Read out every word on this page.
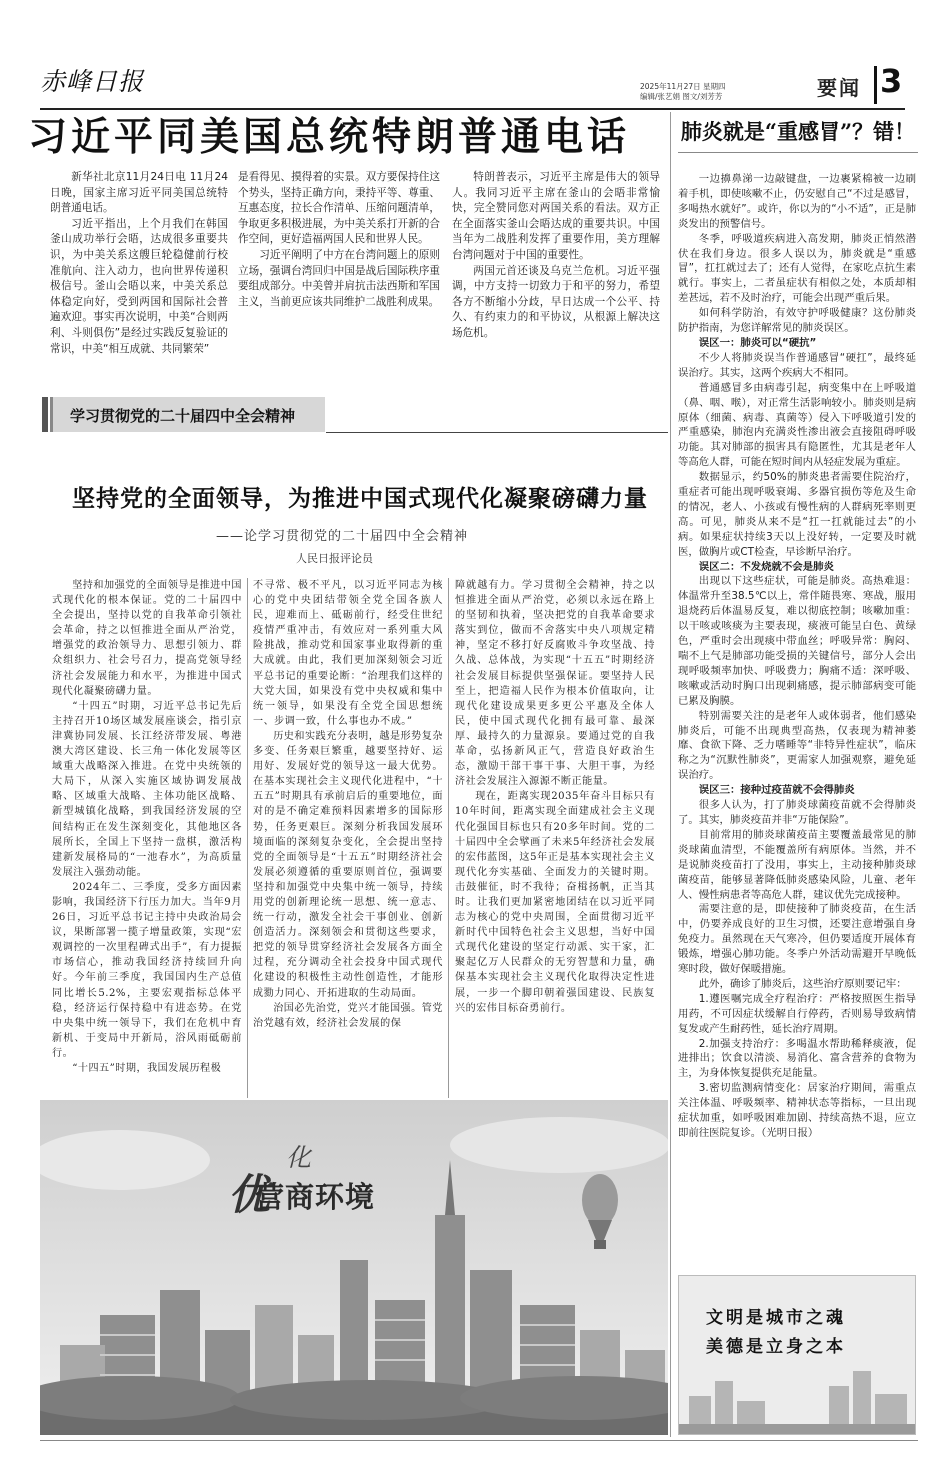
赤峰日报	2025年11月27日 星期四
编辑/张艺娟 图文/刘芳芳	要闻 3
习近平同美国总统特朗普通电话

新华社北京11月24日电 11月24日晚，国家主席习近平同美国总统特朗普通电话。

习近平指出，上个月我们在韩国釜山成功举行会晤，达成很多重要共识，为中美关系这艘巨轮稳健前行校准航向、注入动力，也向世界传递积极信号。釜山会晤以来，中美关系总体稳定向好，受到两国和国际社会普遍欢迎。事实再次说明，中美“合则两利、斗则俱伤”是经过实践反复验证的常识，中美“相互成就、共同繁荣”

是看得见、摸得着的实景。双方要保持住这个势头，坚持正确方向，秉持平等、尊重、互惠态度，拉长合作清单、压缩问题清单，争取更多积极进展，为中美关系打开新的合作空间，更好造福两国人民和世界人民。

习近平阐明了中方在台湾问题上的原则立场，强调台湾回归中国是战后国际秩序重要组成部分。中美曾并肩抗击法西斯和军国主义，当前更应该共同维护二战胜利成果。

特朗普表示，习近平主席是伟大的领导人。我同习近平主席在釜山的会晤非常愉快，完全赞同您对两国关系的看法。双方正在全面落实釜山会晤达成的重要共识。中国当年为二战胜利发挥了重要作用，美方理解台湾问题对于中国的重要性。

两国元首还谈及乌克兰危机。习近平强调，中方支持一切致力于和平的努力，希望各方不断缩小分歧，早日达成一个公平、持久、有约束力的和平协议，从根源上解决这场危机。

学习贯彻党的二十届四中全会精神
坚持党的全面领导，为推进中国式现代化凝聚磅礴力量
——论学习贯彻党的二十届四中全会精神
人民日报评论员

坚持和加强党的全面领导是推进中国式现代化的根本保证。党的二十届四中全会提出，坚持以党的自我革命引领社会革命，持之以恒推进全面从严治党，增强党的政治领导力、思想引领力、群众组织力、社会号召力，提高党领导经济社会发展能力和水平，为推进中国式现代化凝聚磅礴力量。

“十四五”时期，习近平总书记先后主持召开10场区域发展座谈会，指引京津冀协同发展、长江经济带发展、粤港澳大湾区建设、长三角一体化发展等区域重大战略深入推进。在党中央统领的大局下，从深入实施区域协调发展战略、区域重大战略、主体功能区战略、新型城镇化战略，到我国经济发展的空间结构正在发生深刻变化，其他地区各展所长，全国上下坚持一盘棋，激活构建新发展格局的“一池春水”，为高质量发展注入强劲动能。

2024年二、三季度，受多方面因素影响，我国经济下行压力加大。当年9月26日，习近平总书记主持中央政治局会议，果断部署一揽子增量政策，实现“宏观调控的一次里程碑式出手”，有力提振市场信心，推动我国经济持续回升向好。今年前三季度，我国国内生产总值同比增长5.2%，主要宏观指标总体平稳，经济运行保持稳中有进态势。在党中央集中统一领导下，我们在危机中育新机、于变局中开新局，浴风雨砥砺前行。

“十四五”时期，我国发展历程极

不寻常、极不平凡，以习近平同志为核心的党中央团结带领全党全国各族人民，迎难而上、砥砺前行，经受住世纪疫情严重冲击，有效应对一系列重大风险挑战，推动党和国家事业取得新的重大成就。由此，我们更加深刻领会习近平总书记的重要论断：“治理我们这样的大党大国，如果没有党中央权威和集中统一领导，如果没有全党全国思想统一、步调一致，什么事也办不成。”

历史和实践充分表明，越是形势复杂多变、任务艰巨繁重，越要坚持好、运用好、发展好党的领导这一最大优势。在基本实现社会主义现代化进程中，“十五五”时期具有承前启后的重要地位，面对的是不确定难预料因素增多的国际形势，任务更艰巨。深刻分析我国发展环境面临的深刻复杂变化，全会提出坚持党的全面领导是“十五五”时期经济社会发展必须遵循的重要原则首位，强调要坚持和加强党中央集中统一领导，持续用党的创新理论统一思想、统一意志、统一行动，激发全社会干事创业、创新创造活力。深刻领会和贯彻这些要求，把党的领导贯穿经济社会发展各方面全过程，充分调动全社会投身中国式现代化建设的积极性主动性创造性，才能形成勠力同心、开拓进取的生动局面。

治国必先治党，党兴才能国强。管党治党越有效，经济社会发展的保

障就越有力。学习贯彻全会精神，持之以恒推进全面从严治党，必须以永远在路上的坚韧和执着，坚决把党的自我革命要求落实到位，做而不舍落实中央八项规定精神，坚定不移打好反腐败斗争攻坚战、持久战、总体战，为实现“十五五”时期经济社会发展目标提供坚强保证。要坚持人民至上，把造福人民作为根本价值取向，让现代化建设成果更多更公平惠及全体人民，使中国式现代化拥有最可靠、最深厚、最持久的力量源泉。要通过党的自我革命，弘扬新风正气，营造良好政治生态，激励干部干事干事、大胆干事，为经济社会发展注入源源不断正能量。

现在，距离实现2035年奋斗目标只有10年时间，距离实现全面建成社会主义现代化强国目标也只有20多年时间。党的二十届四中全会擘画了未来5年经济社会发展的宏伟蓝图，这5年正是基本实现社会主义现代化夯实基础、全面发力的关键时期。击鼓催征，时不我待；奋楫扬帆，正当其时。让我们更加紧密地团结在以习近平同志为核心的党中央周围，全面贯彻习近平新时代中国特色社会主义思想，当好中国式现代化建设的坚定行动派、实干家，汇聚起亿万人民群众的无穷智慧和力量，确保基本实现社会主义现代化取得决定性进展，一步一个脚印朝着强国建设、民族复兴的宏伟目标奋勇前行。

优
化
营商环境
肺炎就是“重感冒”？错！

一边擤鼻涕一边敲键盘，一边裹紧棉被一边刷着手机，即使咳嗽不止，仍安慰自己“不过是感冒，多喝热水就好”。或许，你以为的“小不适”，正是肺炎发出的预警信号。

冬季，呼吸道疾病进入高发期，肺炎正悄然潜伏在我们身边。很多人误以为，肺炎就是“重感冒”，扛扛就过去了；还有人觉得，在家吃点抗生素就行。事实上，二者虽症状有相似之处，本质却相差甚远，若不及时治疗，可能会出现严重后果。

如何科学防治，有效守护呼吸健康？这份肺炎防护指南，为您详解常见的肺炎误区。

误区一：肺炎可以“硬抗”

不少人将肺炎误当作普通感冒“硬扛”，最终延误治疗。其实，这两个疾病大不相同。

普通感冒多由病毒引起，病变集中在上呼吸道（鼻、咽、喉），对正常生活影响较小。肺炎则是病原体（细菌、病毒、真菌等）侵入下呼吸道引发的严重感染，肺泡内充满炎性渗出液会直接阻碍呼吸功能。其对肺部的损害具有隐匿性，尤其是老年人等高危人群，可能在短时间内从轻症发展为重症。

数据显示，约50%的肺炎患者需要住院治疗，重症者可能出现呼吸衰竭、多器官损伤等危及生命的情况，老人、小孩或有慢性病的人群病死率则更高。可见，肺炎从来不是“扛一扛就能过去”的小病。如果症状持续3天以上没好转，一定要及时就医，做胸片或CT检查，早诊断早治疗。

误区二：不发烧就不会是肺炎

出现以下这些症状，可能是肺炎。高热难退：体温常升至38.5℃以上，常伴随畏寒、寒战，服用退烧药后体温易反复，难以彻底控制；咳嗽加重：以干咳或咳痰为主要表现，痰液可能呈白色、黄绿色，严重时会出现痰中带血丝；呼吸异常：胸闷、喘不上气是肺部功能受损的关键信号，部分人会出现呼吸频率加快、呼吸费力；胸痛不适：深呼吸、咳嗽或活动时胸口出现刺痛感，提示肺部病变可能已累及胸膜。

特别需要关注的是老年人或体弱者，他们感染肺炎后，可能不出现典型高热，仅表现为精神萎靡、食欲下降、乏力嗜睡等“非特异性症状”，临床称之为“沉默性肺炎”，更需家人加强观察，避免延误治疗。

误区三：接种过疫苗就不会得肺炎

很多人认为，打了肺炎球菌疫苗就不会得肺炎了。其实，肺炎疫苗并非“万能保险”。

目前常用的肺炎球菌疫苗主要覆盖最常见的肺炎球菌血清型，不能覆盖所有病原体。当然，并不是说肺炎疫苗打了没用，事实上，主动接种肺炎球菌疫苗，能够显著降低肺炎感染风险，儿童、老年人、慢性病患者等高危人群，建议优先完成接种。

需要注意的是，即使接种了肺炎疫苗，在生活中，仍要养成良好的卫生习惯，还要注意增强自身免疫力。虽然现在天气寒冷，但仍要适度开展体育锻炼，增强心肺功能。冬季户外活动需避开早晚低寒时段，做好保暖措施。

此外，确诊了肺炎后，这些治疗原则要记牢：

1.遵医嘱完成全疗程治疗：严格按照医生指导用药，不可因症状缓解自行停药，否则易导致病情复发或产生耐药性，延长治疗周期。

2.加强支持治疗：多喝温水帮助稀释痰液，促进排出；饮食以清淡、易消化、富含营养的食物为主，为身体恢复提供充足能量。

3.密切监测病情变化：居家治疗期间，需重点关注体温、呼吸频率、精神状态等指标，一旦出现症状加重，如呼吸困难加剧、持续高热不退，应立即前往医院复诊。（光明日报）

文明是城市之魂
美德是立身之本
